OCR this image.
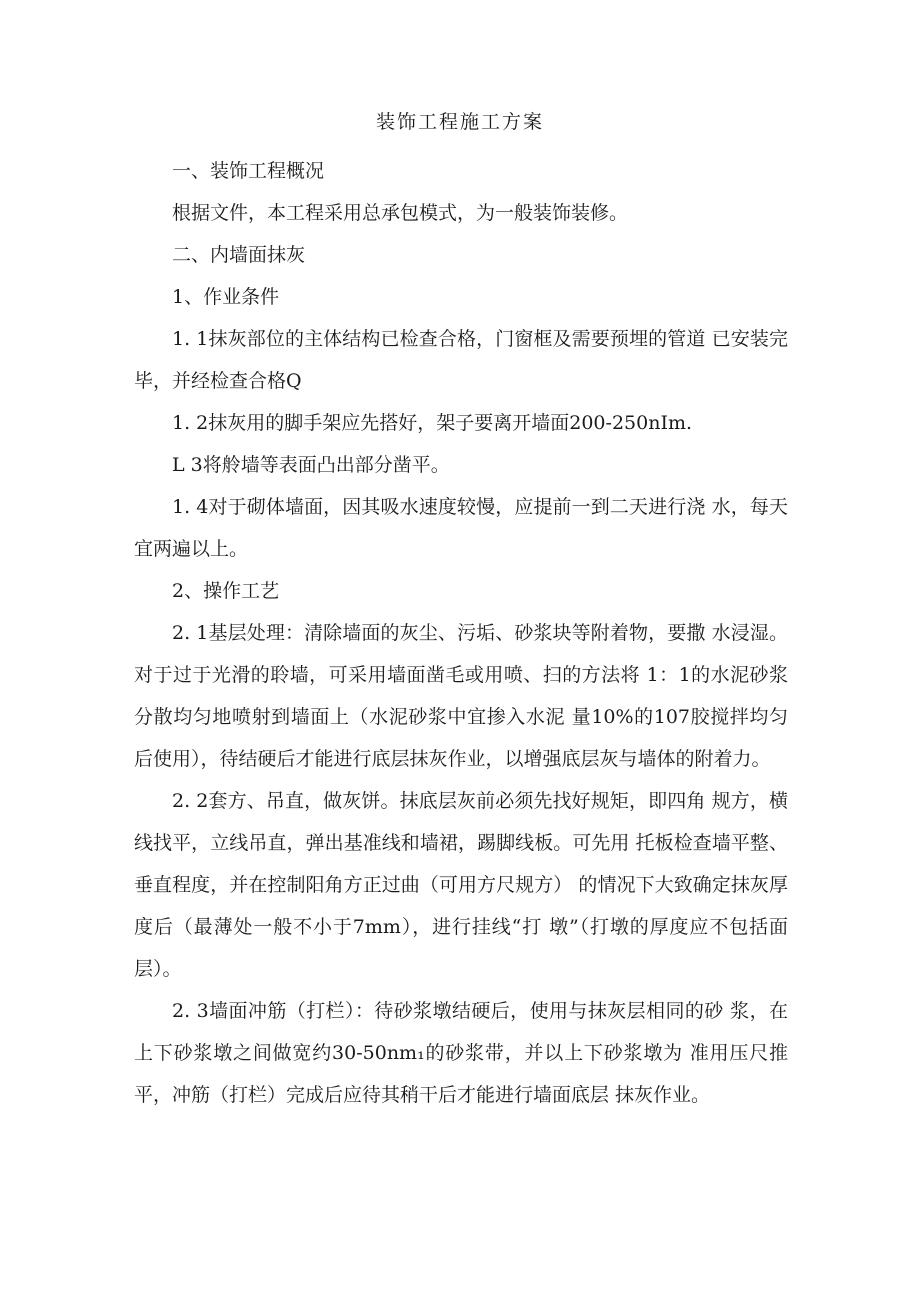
装饰工程施工方案

一、装饰工程概况

根据文件，本工程采用总承包模式，为一般装饰装修。

二、内墙面抹灰

1、作业条件

1. 1抹灰部位的主体结构已检查合格，门窗框及需要预埋的管道 已安装完毕，并经检查合格Q

1. 2抹灰用的脚手架应先搭好，架子要离开墙面200-250nIm.

L 3将舲墙等表面凸出部分凿平。

1. 4对于砌体墙面，因其吸水速度较慢，应提前一到二天进行浇 水，每天宜两遍以上。

2、操作工艺

2. 1基层处理：清除墙面的灰尘、污垢、砂浆块等附着物，要撒 水浸湿。对于过于光滑的聆墙，可采用墙面凿毛或用喷、扫的方法将 1：1的水泥砂浆分散均匀地喷射到墙面上（水泥砂浆中宜掺入水泥 量10%的107胶搅拌均匀后使用），待结硬后才能进行底层抹灰作业，以增强底层灰与墙体的附着力。

2. 2套方、吊直，做灰饼。抹底层灰前必须先找好规矩，即四角 规方，横线找平，立线吊直，弹出基准线和墙裙，踢脚线板。可先用 托板检查墙平整、垂直程度，并在控制阳角方正过曲（可用方尺规方） 的情况下大致确定抹灰厚度后（最薄处一般不小于7mm），进行挂线“打 墩”（打墩的厚度应不包括面层）。

2. 3墙面冲筋（打栏）：待砂浆墩结硬后，使用与抹灰层相同的砂 浆，在上下砂浆墩之间做宽约30-50nm₁的砂浆带，并以上下砂浆墩为 准用压尺推平，冲筋（打栏）完成后应待其稍干后才能进行墙面底层 抹灰作业。
